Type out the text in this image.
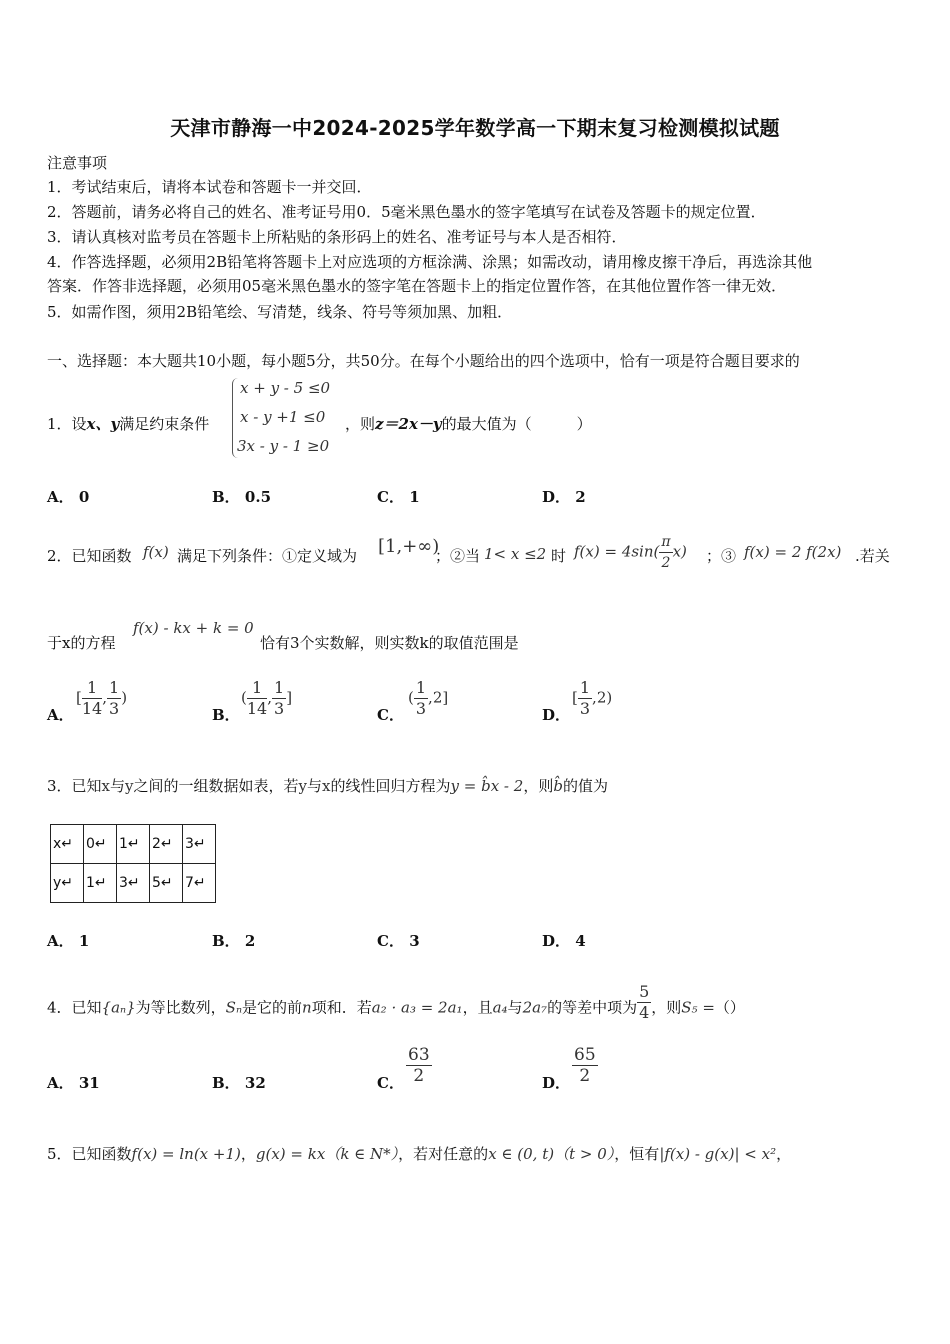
天津市静海一中2024-2025学年数学高一下期末复习检测模拟试题
注意事项
1．考试结束后，请将本试卷和答题卡一并交回．
2．答题前，请务必将自己的姓名、准考证号用0．5毫米黑色墨水的签字笔填写在试卷及答题卡的规定位置．
3．请认真核对监考员在答题卡上所粘贴的条形码上的姓名、准考证号与本人是否相符．
4．作答选择题，必须用2B铅笔将答题卡上对应选项的方框涂满、涂黑；如需改动，请用橡皮擦干净后，再选涂其他
答案．作答非选择题，必须用05毫米黑色墨水的签字笔在答题卡上的指定位置作答，在其他位置作答一律无效．
5．如需作图，须用2B铅笔绘、写清楚，线条、符号等须加黑、加粗．
一、选择题：本大题共10小题，每小题5分，共50分。在每个小题给出的四个选项中，恰有一项是符合题目要求的
1．设x、y满足约束条件
x + y - 5 ≤0
x - y +1 ≤0
3x - y - 1 ≥0
，则z＝2x－y的最大值为（　　　）
A． 0	B． 0.5	C． 1	D． 2
2．已知函数 f(x) 满足下列条件：①定义域为 [1,+∞)
；②当 1< x ≤2 时 $f(x) = 4\sin( \frac{\pi}{2} x)$ ；③ f(x) = 2 f(2x) .若关
于x的方程
f(x) - kx + k = 0
恰有3个实数解，则实数k的取值范围是
A．
[ $\frac{1}{14}$ , $\frac{1}{3}$ )
B．
( $\frac{1}{14}$ , $\frac{1}{3}$ ]
C．
( $\frac{1}{3} ,2$]
D．
[ $\frac{1}{3} ,2$)
3．已知x与y之间的一组数据如表，若y与x的线性回归方程为y = b̂x - 2，则b̂的值为
x↵	0↵	1↵	2↵	3↵
y↵	1↵	3↵	5↵	7↵
A． 1	B． 2	C． 3	D． 4
4．已知{aₙ}为等比数列，Sₙ是它的前n项和．若a₂ · a₃ = 2a₁，且a₄与2a₇的等差中项为 $\frac{5}{4}$ ，则S₅ =（）
A． 31	B． 32	C． $\frac{63}{2}$	D． $\frac{65}{2}$
5．已知函数f(x) = ln(x +1)，g(x) = kx（k ∈ N*），若对任意的x ∈ (0, t)（t > 0），恒有|f(x) - g(x)| < x²，
